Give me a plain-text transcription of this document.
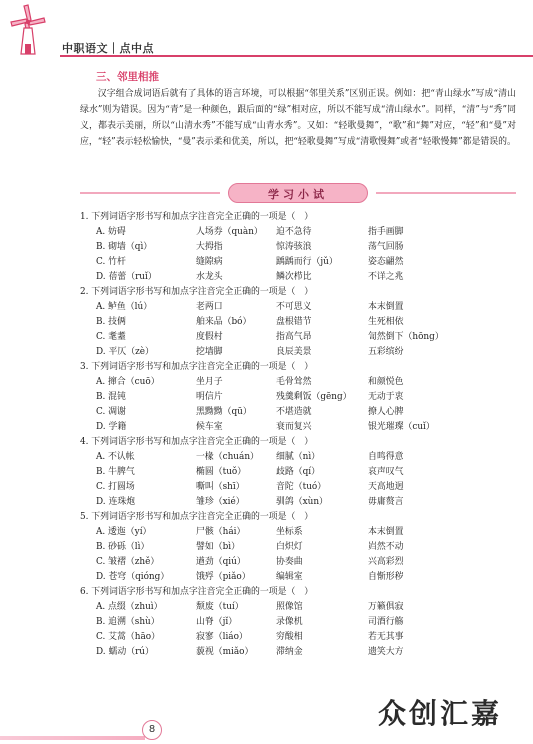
中职语文｜点中点
三、邻里相推

汉字组合成词语后就有了具体的语言环境，可以根据“邻里关系”区别正误。例如：把“青山绿水”写成“清山绿水”则为错误。因为“青”是一种颜色，跟后面的“绿”相对应，所以不能写成“清山绿水”。同样，“清”与“秀”同义，都表示美丽，所以“山清水秀”不能写成“山青水秀”。又如：“轻歌曼舞”，“歌”和“舞”对应，“轻”和“曼”对应，“轻”表示轻松愉快，“曼”表示柔和优美，所以，把“轻歌曼舞”写成“清歌慢舞”或者“轻歌慢舞”都是错误的。

学习小试
1. 下列词语字形书写和加点字注音完全正确的一项是（　）
A. 妨碍	人场券（quàn） 迫不急待	指手画脚
B. 砌墙（qì）	大拇指	惊涛骇浪	荡气回肠
C. 竹杆	缝隙病	踽踽而行（jǔ）	姿态翩然
D. 蓓蕾（ruǐ）	水龙头	鳞次栉比	不详之兆
2. 下列词语字形书写和加点字注音完全正确的一项是（　）
A. 鲈鱼（lú）	老两口	不可思义	本末倒置
B. 技俩	舶来品（bó）	盘根错节	生死相依
C. 耄耋	度假村	指高气昂	訇然倒下（hōng）
D. 平仄（zè）	挖墙脚	良辰美景	五彩缤纷
3. 下列词语字形书写和加点字注音完全正确的一项是（　）
A. 撺合（cuō）	坐月子	毛骨耸然	和颜悦色
B. 混钝	明信片	残羹剩饭（gēng） 无动于衷
C. 凋谢	黑黝黝（qū）	不堪造就	撩人心脾
D. 学籍	候车室	衰而复兴	银光璀璨（cuǐ）
4. 下列词语字形书写和加点字注音完全正确的一项是（　）
A. 不认帐	一椽（chuán） 细腻（nì）	自鸣得意
B. 牛脾气	椭圆（tuǒ）	歧路（qí）	哀声叹气
C. 打圆场	嘶叫（shī）	音陀（tuó）	天高地迥
D. 连珠炮	雏珍（xié）	驯鸽（xùn）	毋庸赘言
5. 下列词语字形书写和加点字注音完全正确的一项是（　）
A. 逶迤（yí）	尸骸（hái）	坐标系	本末倒置
B. 砂砾（lì）	譬如（bì）	白炽灯	岿然不动
C. 皱褶（zhě）	遒劲（qiú）	协奏曲	兴高彩烈
D. 苍穹（qióng）	饿殍（piǎo）	编辑室	自惭形秽
6. 下列词语字形书写和加点字注音完全正确的一项是（　）
A. 点缀（zhuì）	颓废（tuí）	照像馆	万籁俱寂
B. 追溯（shù）	山脊（jǐ）	录像机	司酒行觞
C. 艾蒿（hāo）	寂寥（liáo）	穷酸相	若无其事
D. 蠕动（rú）	藐视（miǎo）	滞纳金	遗笑大方
8	众创汇嘉
